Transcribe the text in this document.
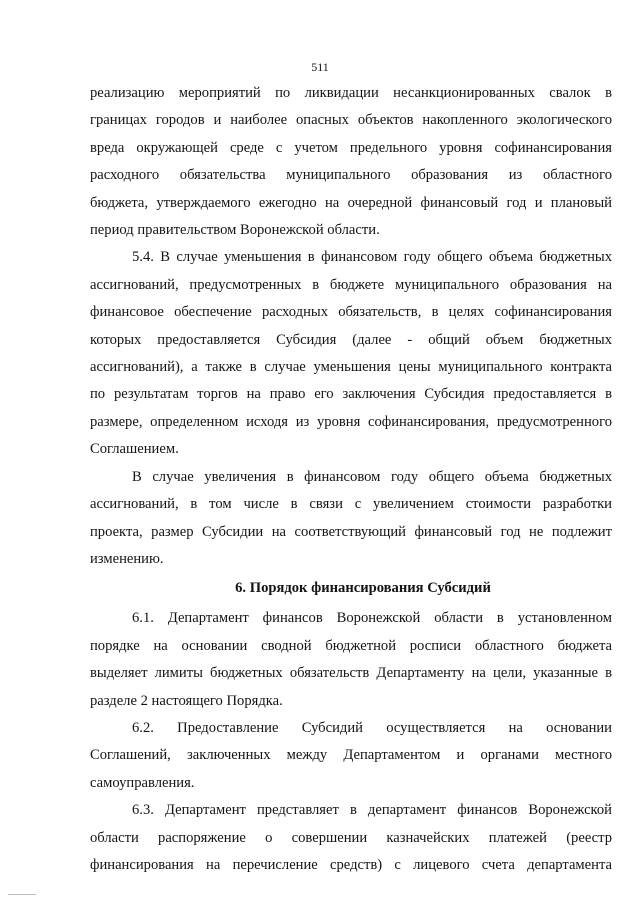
511

реализацию мероприятий по ликвидации несанкционированных свалок в

границах городов и наиболее опасных объектов накопленного экологического

вреда окружающей среде с учетом предельного уровня софинансирования

расходного обязательства муниципального образования из областного

бюджета, утверждаемого ежегодно на очередной финансовый год и плановый

период правительством Воронежской области.

5.4. В случае уменьшения в финансовом году общего объема бюджетных

ассигнований, предусмотренных в бюджете муниципального образования на

финансовое обеспечение расходных обязательств, в целях софинансирования

которых предоставляется Субсидия (далее - общий объем бюджетных

ассигнований), а также в случае уменьшения цены муниципального контракта

по результатам торгов на право его заключения Субсидия предоставляется в

размере, определенном исходя из уровня софинансирования, предусмотренного

Соглашением.

В случае увеличения в финансовом году общего объема бюджетных

ассигнований, в том числе в связи с увеличением стоимости разработки

проекта, размер Субсидии на соответствующий финансовый год не подлежит

изменению.

6. Порядок финансирования Субсидий

6.1. Департамент финансов Воронежской области в установленном

порядке на основании сводной бюджетной росписи областного бюджета

выделяет лимиты бюджетных обязательств Департаменту на цели, указанные в

разделе 2 настоящего Порядка.

6.2. Предоставление Субсидий осуществляется на основании

Соглашений, заключенных между Департаментом и органами местного

самоуправления.

6.3. Департамент представляет в департамент финансов Воронежской

области распоряжение о совершении казначейских платежей (реестр

финансирования на перечисление средств) с лицевого счета департамента
